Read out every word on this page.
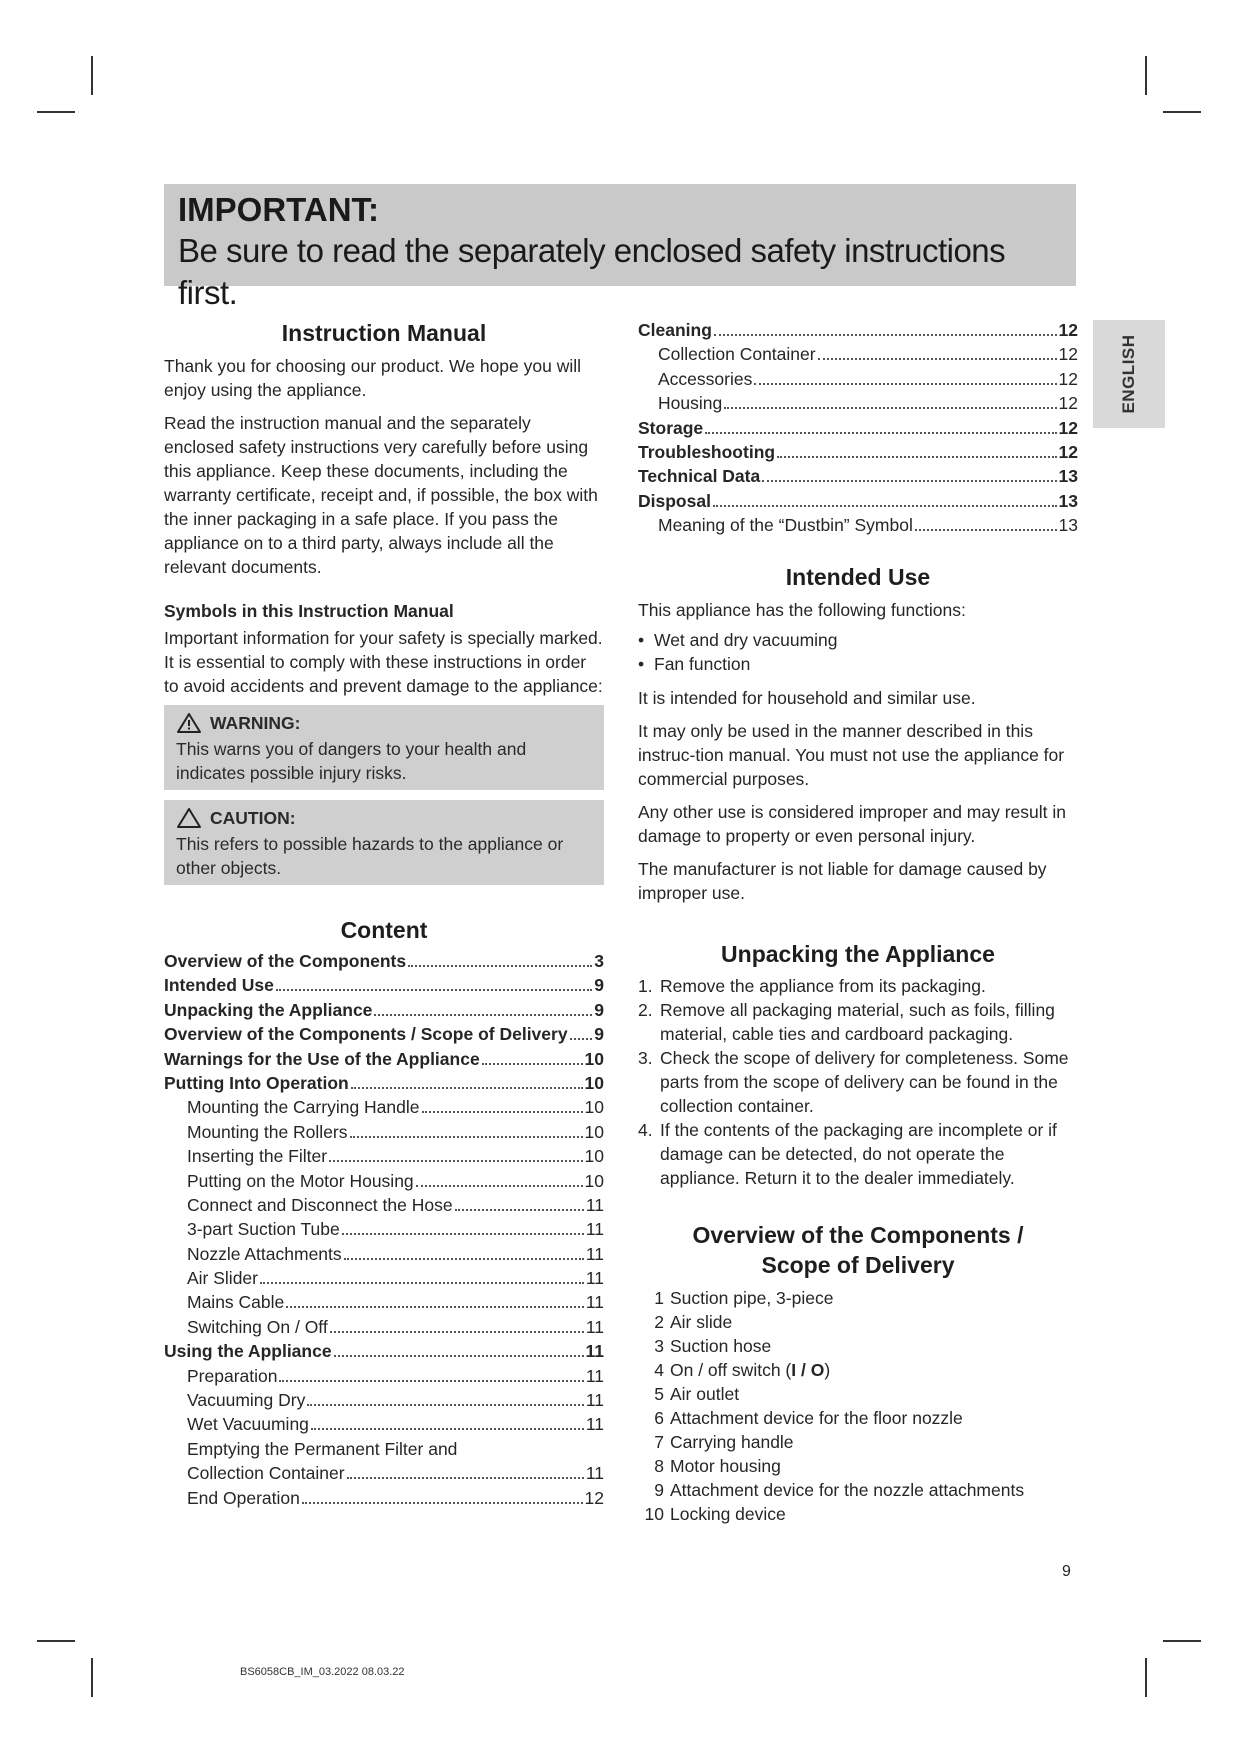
IMPORTANT:
Be sure to read the separately enclosed safety instructions first.
ENGLISH
Instruction Manual

Thank you for choosing our product. We hope you will enjoy using the appliance.

Read the instruction manual and the separately enclosed safety instructions very carefully before using this appliance. Keep these documents, including the warranty certificate, receipt and, if possible, the box with the inner packaging in a safe place. If you pass the appliance on to a third party, always include all the relevant documents.

Symbols in this Instruction Manual

Important information for your safety is specially marked. It is essential to comply with these instructions in order to avoid accidents and prevent damage to the appliance:

WARNING:
This warns you of dangers to your health and indicates possible injury risks.
CAUTION:
This refers to possible hazards to the appliance or other objects.
Content
Overview of the Components	3
Intended Use	9
Unpacking the Appliance	9
Overview of the Components / Scope of Delivery 9
Warnings for the Use of the Appliance	10
Putting Into Operation	10
Mounting the Carrying Handle	10
Mounting the Rollers	10
Inserting the Filter	10
Putting on the Motor Housing	10
Connect and Disconnect the Hose	11
3-part Suction Tube	11
Nozzle Attachments	11
Air Slider	11
Mains Cable	11
Switching On / Off	11
Using the Appliance	11
Preparation	11
Vacuuming Dry	11
Wet Vacuuming	11
Emptying the Permanent Filter and
Collection Container	11
End Operation	12
Cleaning	12
Collection Container	12
Accessories	12
Housing	12
Storage	12
Troubleshooting	12
Technical Data	13
Disposal	13
Meaning of the “Dustbin” Symbol	13
Intended Use

This appliance has the following functions:

• Wet and dry vacuuming
• Fan function

It is intended for household and similar use.

It may only be used in the manner described in this instruc-tion manual. You must not use the appliance for commercial purposes.

Any other use is considered improper and may result in damage to property or even personal injury.

The manufacturer is not liable for damage caused by improper use.

Unpacking the Appliance
1. Remove the appliance from its packaging.
2. Remove all packaging material, such as foils, filling material, cable ties and cardboard packaging.
3. Check the scope of delivery for completeness. Some parts from the scope of delivery can be found in the collection container.
4. If the contents of the packaging are incomplete or if damage can be detected, do not operate the appliance. Return it to the dealer immediately.
Overview of the Components /
Scope of Delivery
1 Suction pipe, 3-piece
2 Air slide
3 Suction hose
4 On / off switch ( I / O )
5 Air outlet
6 Attachment device for the floor nozzle
7 Carrying handle
8 Motor housing
9 Attachment device for the nozzle attachments
10 Locking device
9
BS6058CB_IM_03.2022 08.03.22
